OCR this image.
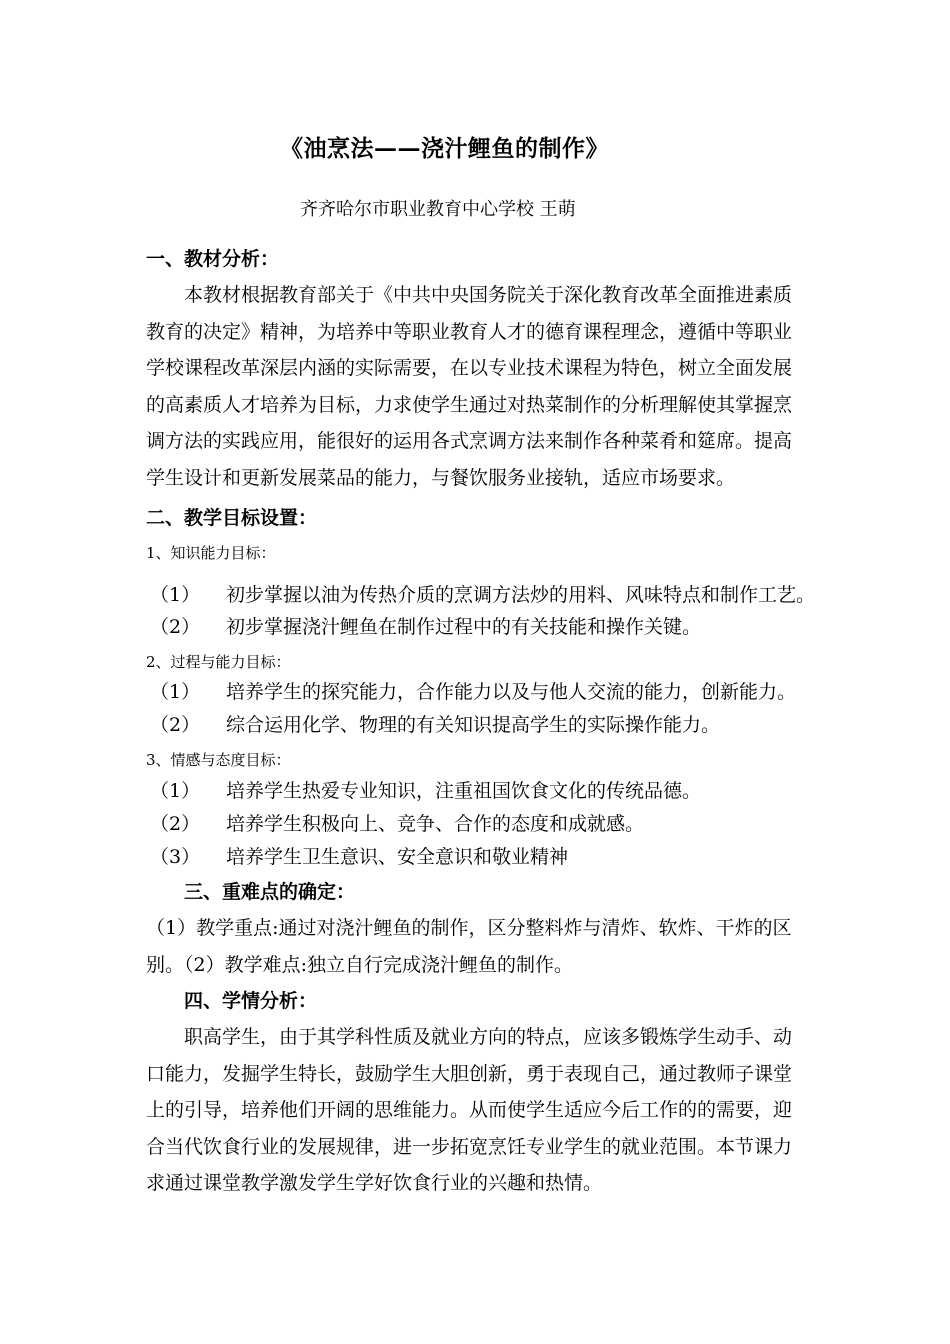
《油烹法——浇汁鲤鱼的制作》
齐齐哈尔市职业教育中心学校 王萌
一、教材分析：
本教材根据教育部关于《中共中央国务院关于深化教育改革全面推进素质
教育的决定》精神，为培养中等职业教育人才的德育课程理念，遵循中等职业
学校课程改革深层内涵的实际需要，在以专业技术课程为特色，树立全面发展
的高素质人才培养为目标，力求使学生通过对热菜制作的分析理解使其掌握烹
调方法的实践应用，能很好的运用各式烹调方法来制作各种菜肴和筵席。提高
学生设计和更新发展菜品的能力，与餐饮服务业接轨，适应市场要求。
二、教学目标设置：
1、知识能力目标：
（1） 初步掌握以油为传热介质的烹调方法炒的用料、风味特点和制作工艺。
（2） 初步掌握浇汁鲤鱼在制作过程中的有关技能和操作关键。
2、过程与能力目标：
（1） 培养学生的探究能力，合作能力以及与他人交流的能力，创新能力。
（2） 综合运用化学、物理的有关知识提高学生的实际操作能力。
3、情感与态度目标：
（1） 培养学生热爱专业知识，注重祖国饮食文化的传统品德。
（2） 培养学生积极向上、竞争、合作的态度和成就感。
（3） 培养学生卫生意识、安全意识和敬业精神
三、重难点的确定：
（1）教学重点:通过对浇汁鲤鱼的制作，区分整料炸与清炸、软炸、干炸的区
别。（2）教学难点:独立自行完成浇汁鲤鱼的制作。
四、学情分析：
职高学生，由于其学科性质及就业方向的特点，应该多锻炼学生动手、动
口能力，发掘学生特长，鼓励学生大胆创新，勇于表现自己，通过教师子课堂
上的引导，培养他们开阔的思维能力。从而使学生适应今后工作的的需要，迎
合当代饮食行业的发展规律，进一步拓宽烹饪专业学生的就业范围。本节课力
求通过课堂教学激发学生学好饮食行业的兴趣和热情。
